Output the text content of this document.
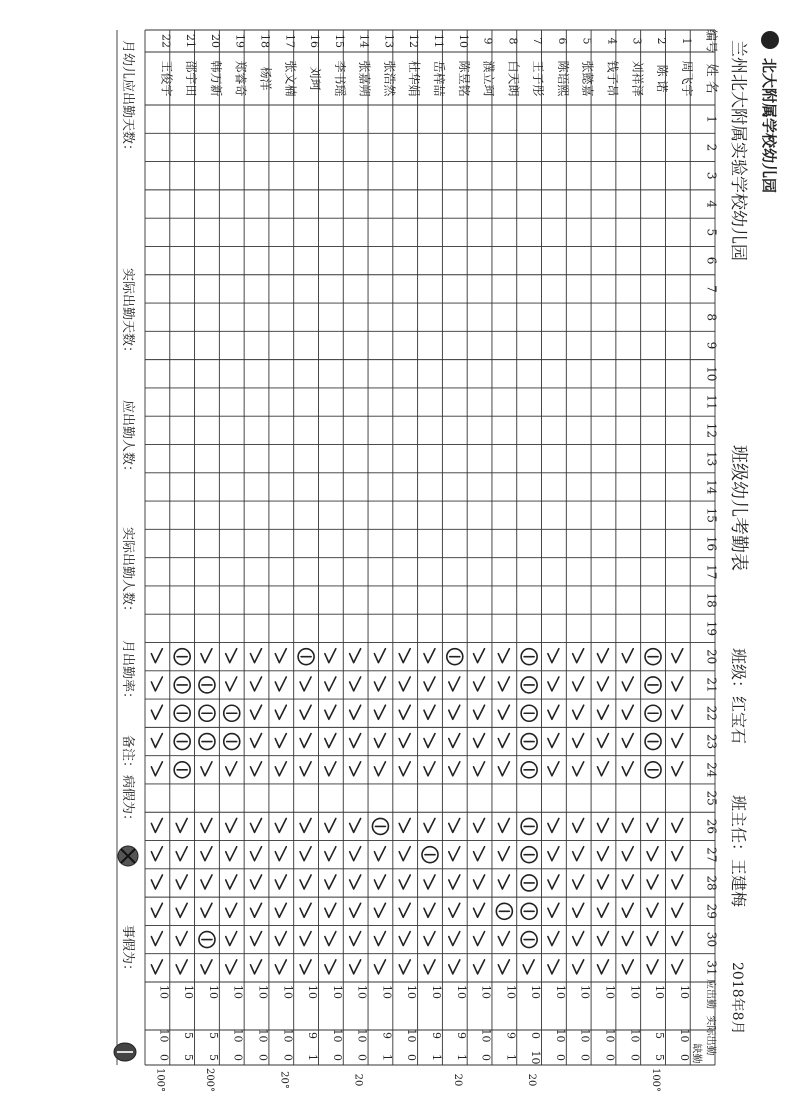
北大附属学校幼儿园
兰州北大附属实验学校幼儿园
班级幼儿考勤表
班级：红宝石
班主任：王建梅
2018年8月
编号
姓 名
1
2
3
4
5
6
7
8
9
10
11
12
13
14
15
16
17
18
19
20
21
22
23
24
25
26
27
28
29
30
31
应出勤
实际出勤
缺勤
1
周飞宇
10
10
0
2
陈 诺
10
5
5
3
刘祥泽
10
10
0
4
钱子昂
10
10
0
5
张懿嘉
10
10
0
6
陈语熙
10
10
0
7
王子彤
10
0
10
8
白天朗
10
9
1
9
濮立珂
10
10
0
10
陈昱铭
10
9
1
11
岳梓喆
10
9
1
12
杜华娟
10
10
0
13
张浩然
10
9
1
14
张嘉朔
10
10
0
15
李书瑶
10
10
0
16
刘珂
10
9
1
17
张文楠
10
10
0
18
杨洋
10
10
0
19
郑睿奇
10
10
0
20
韩万新
10
5
5
21
邵宇田
10
5
5
22
王俊宇
10
10
0
月幼儿应出勤天数：
实际出勤天数：
应出勤人数：
实际出勤人数：
月出勤率：
备注：
病假为：
事假为：
100°
20
20
20
20°
200°
100°
